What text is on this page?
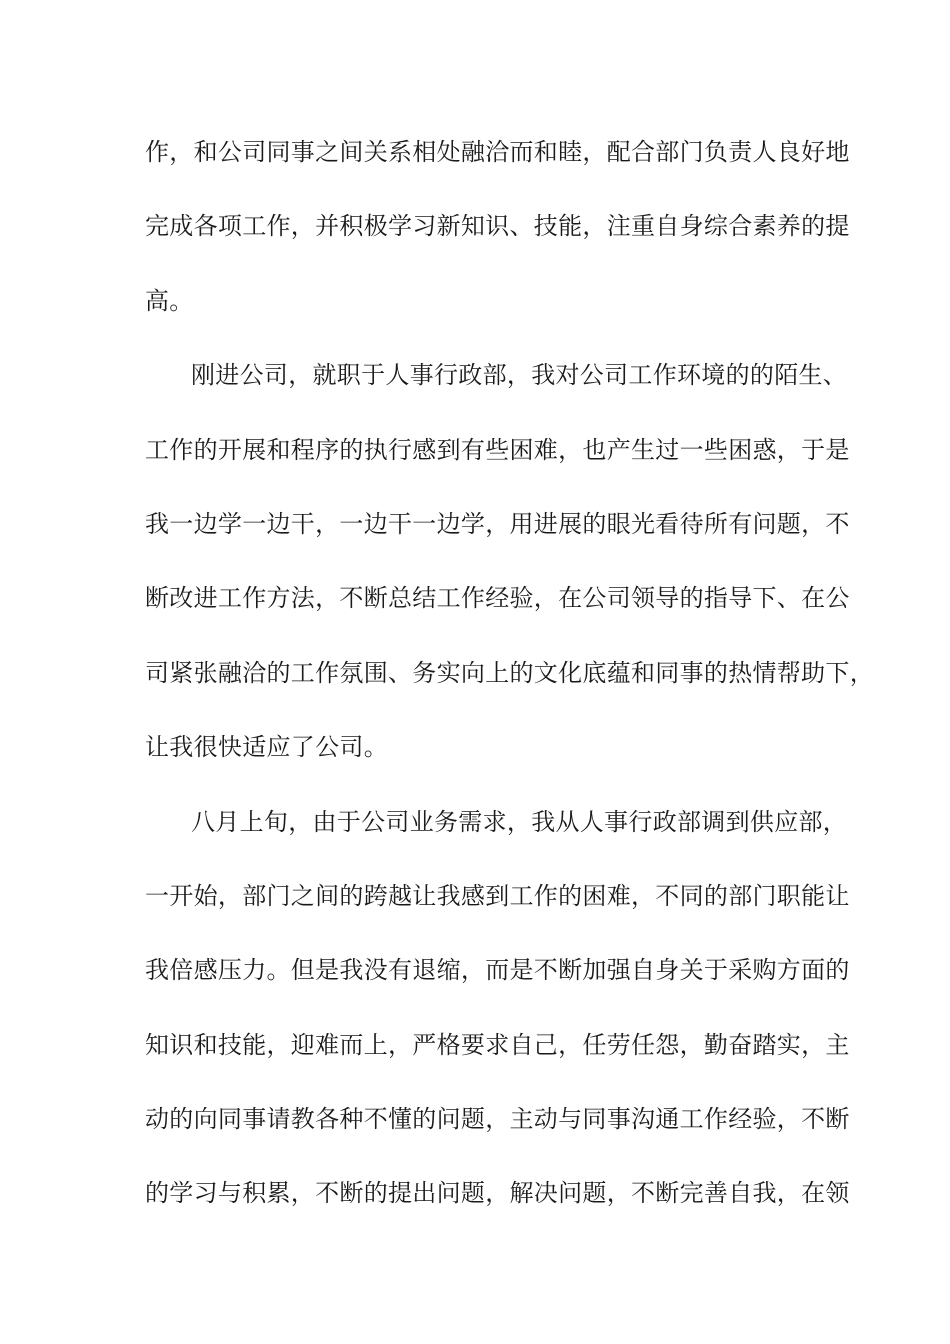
作，和公司同事之间关系相处融洽而和睦，配合部门负责人良好地
完成各项工作，并积极学习新知识、技能，注重自身综合素养的提
高。
刚进公司，就职于人事行政部，我对公司工作环境的的陌生、
工作的开展和程序的执行感到有些困难，也产生过一些困惑，于是
我一边学一边干，一边干一边学，用进展的眼光看待所有问题，不
断改进工作方法，不断总结工作经验，在公司领导的指导下、在公
司紧张融洽的工作氛围、务实向上的文化底蕴和同事的热情帮助下，
让我很快适应了公司。
八月上旬，由于公司业务需求，我从人事行政部调到供应部，
一开始，部门之间的跨越让我感到工作的困难，不同的部门职能让
我倍感压力。但是我没有退缩，而是不断加强自身关于采购方面的
知识和技能，迎难而上，严格要求自己，任劳任怨，勤奋踏实，主
动的向同事请教各种不懂的问题，主动与同事沟通工作经验，不断
的学习与积累，不断的提出问题，解决问题，不断完善自我，在领
